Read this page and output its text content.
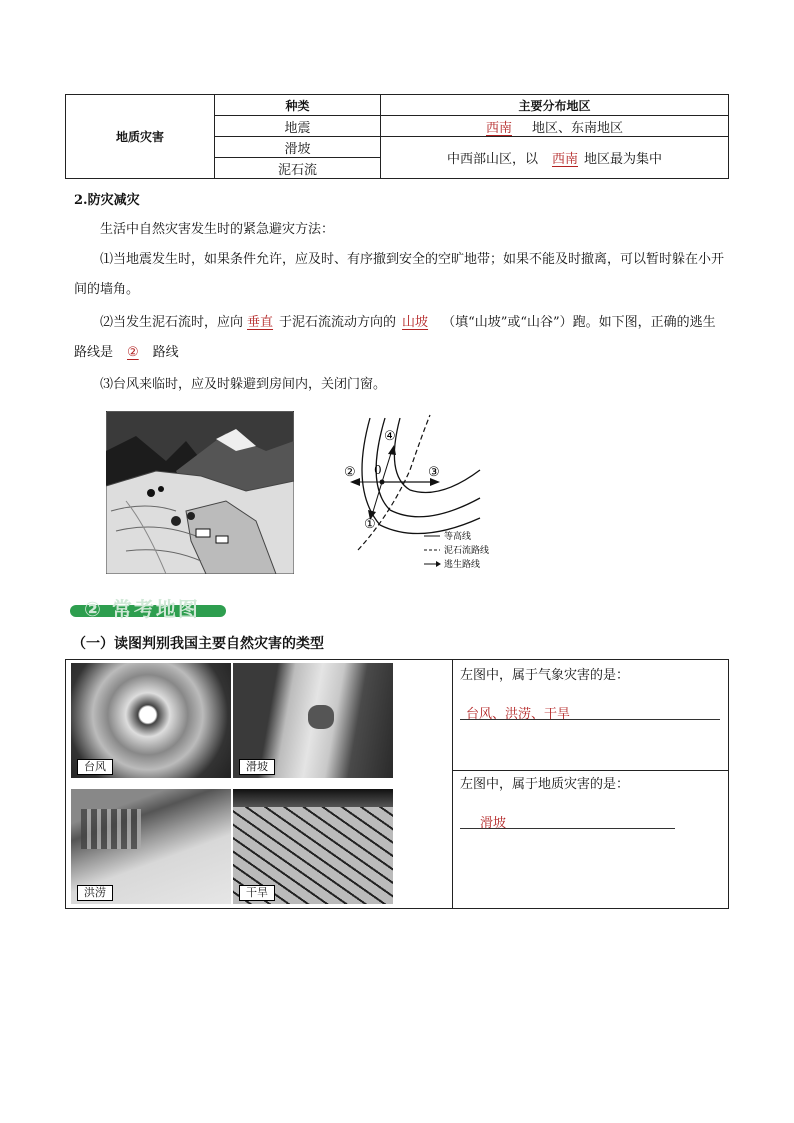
地质灾害	种类	主要分布地区
	地震	西南 地区、东南地区
	滑坡	中西部山区，以 西南 地区最为集中
	泥石流	
2.防灾减灾
生活中自然灾害发生时的紧急避灾方法：
⑴当地震发生时，如果条件允许，应及时、有序撤到安全的空旷地带；如果不能及时撤离，可以暂时躲在小开间的墙角。
⑵当发生泥石流时，应向 垂直 于泥石流流动方向的 山坡 （填“山坡”或“山谷”）跑。如下图，正确的逃生路线是 ② 路线
⑶台风来临时，应及时躲避到房间内，关闭门窗。
④
② 0	③
①
等高线
泥石流路线
逃生路线
② 常考地图
（一）读图判别我国主要自然灾害的类型
台风	滑坡
洪涝	干旱
左图中，属于气象灾害的是：
台风、洪涝、干旱
左图中，属于地质灾害的是：
滑坡
